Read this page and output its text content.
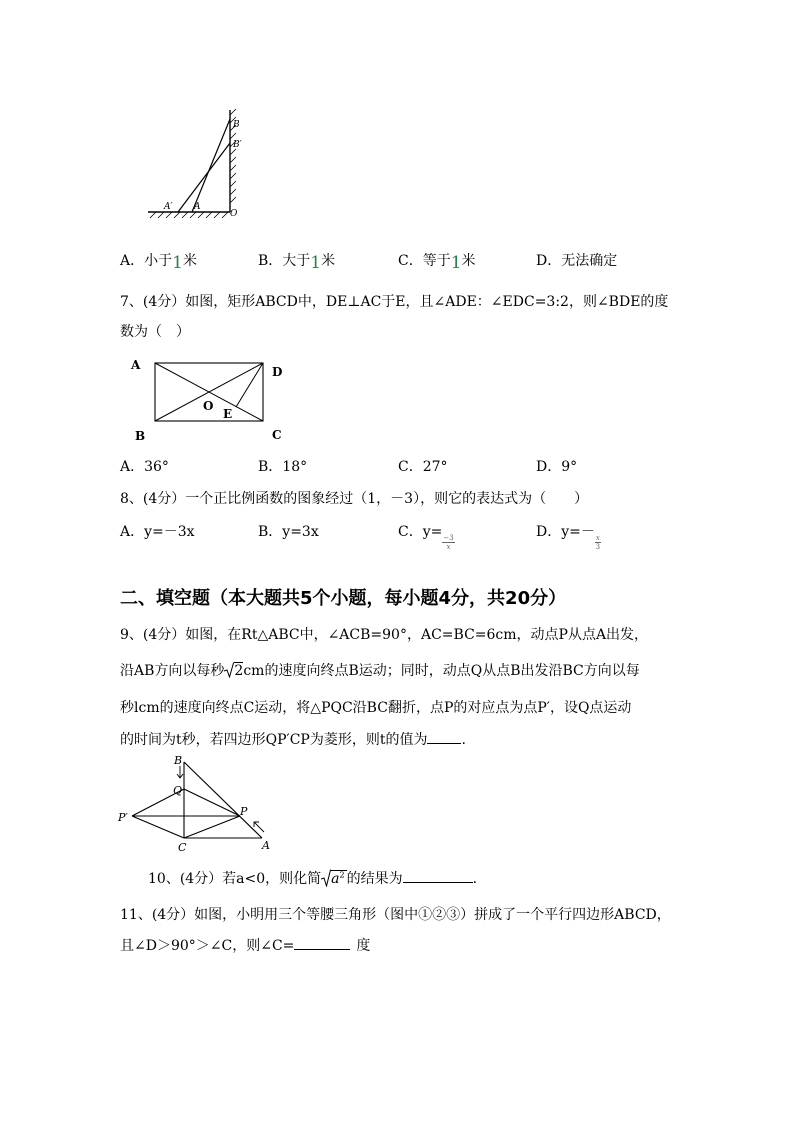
B
B′
A′ A
O
A．小于1米	B．大于1米	C．等于1米	D．无法确定
7、(4分）如图，矩形ABCD中，DE⊥AC于E，且∠ADE：∠EDC=3:2，则∠BDE的度
数为（　）
A	D
B	C
O
E
A．36°	B．18°	C．27°	D．9°
8、(4分）一个正比例函数的图象经过（1，－3），则它的表达式为（　　）
A．y=－3x	B．y=3x	C．y=
$\frac{-3}{x}$
D．y=－
$\frac{x}{3}$
二、填空题（本大题共5个小题，每小题4分，共20分）
9、(4分）如图，在Rt△ABC中，∠ACB=90°，AC=BC=6cm，动点P从点A出发，
沿AB方向以每秒 2cm的速度向终点B运动；同时，动点Q从点B出发沿BC方向以每
秒lcm的速度向终点C运动，将△PQC沿BC翻折，点P的对应点为点P′，设Q点运动
的时间为t秒，若四边形QP′CP为菱形，则t的值为 .
B
Q
P′	P
C	A
10、(4分）若a<0，则化简 $a^2$ 的结果为	.
11、(4分）如图，小明用三个等腰三角形（图中①②③）拼成了一个平行四边形ABCD，
且∠D＞90°＞∠C，则∠C=	度
